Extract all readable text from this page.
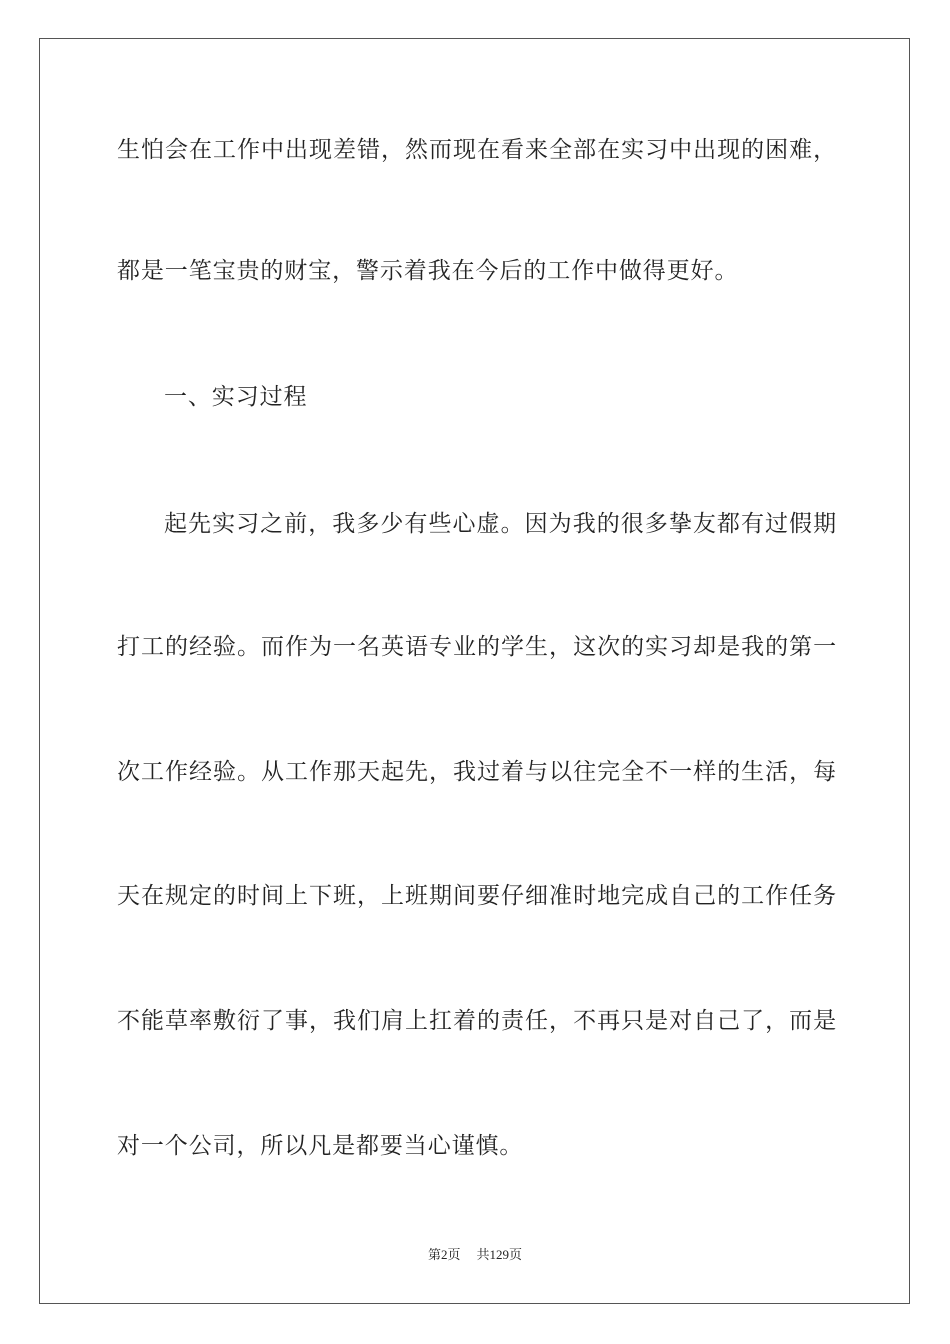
生怕会在工作中出现差错，然而现在看来全部在实习中出现的困难，
都是一笔宝贵的财宝，警示着我在今后的工作中做得更好。
一、实习过程
起先实习之前，我多少有些心虚。因为我的很多挚友都有过假期
打工的经验。而作为一名英语专业的学生，这次的实习却是我的第一
次工作经验。从工作那天起先，我过着与以往完全不一样的生活，每
天在规定的时间上下班，上班期间要仔细准时地完成自己的工作任务
不能草率敷衍了事，我们肩上扛着的责任，不再只是对自己了，而是
对一个公司，所以凡是都要当心谨慎。
第2页 共129页
